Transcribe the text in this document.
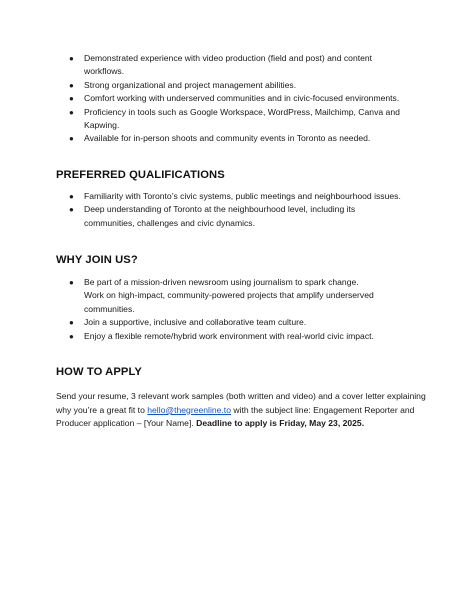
● Demonstrated experience with video production (field and post) and content
workflows.
● Strong organizational and project management abilities.
● Comfort working with underserved communities and in civic-focused environments.
● Proficiency in tools such as Google Workspace, WordPress, Mailchimp, Canva and
Kapwing.
● Available for in-person shoots and community events in Toronto as needed.
PREFERRED QUALIFICATIONS
● Familiarity with Toronto’s civic systems, public meetings and neighbourhood issues.
● Deep understanding of Toronto at the neighbourhood level, including its
communities, challenges and civic dynamics.
WHY JOIN US?
● Be part of a mission-driven newsroom using journalism to spark change.
Work on high-impact, community-powered projects that amplify underserved
communities.
● Join a supportive, inclusive and collaborative team culture.
● Enjoy a flexible remote/hybrid work environment with real-world civic impact.
HOW TO APPLY

Send your resume, 3 relevant work samples (both written and video) and a cover letter explaining why you’re a great fit to hello@thegreenline.to with the subject line: Engagement Reporter and Producer application – [Your Name]. Deadline to apply is Friday, May 23, 2025.
